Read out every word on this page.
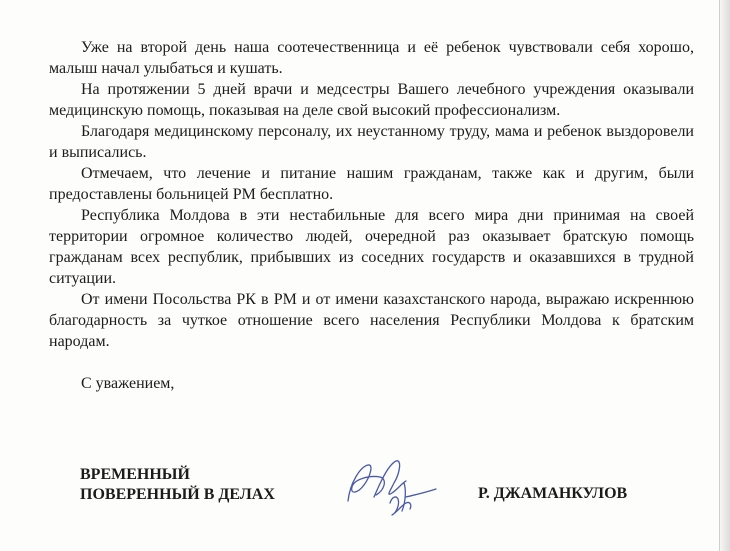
Уже на второй день наша соотечественница и её ребенок чувствовали себя хорошо, малыш начал улыбаться и кушать.

На протяжении 5 дней врачи и медсестры Вашего лечебного учреждения оказывали медицинскую помощь, показывая на деле свой высокий профессионализм.

Благодаря медицинскому персоналу, их неустанному труду, мама и ребенок выздоровели и выписались.

Отмечаем, что лечение и питание нашим гражданам, также как и другим, были предоставлены больницей РМ бесплатно.

Республика Молдова в эти нестабильные для всего мира дни принимая на своей территории огромное количество людей, очередной раз оказывает братскую помощь гражданам всех республик, прибывших из соседних государств и оказавшихся в трудной ситуации.

От имени Посольства РК в РМ и от имени казахстанского народа, выражаю искреннюю благодарность за чуткое отношение всего населения Республики Молдова к братским народам.

С уважением,

ВРЕМЕННЫЙ
ПОВЕРЕННЫЙ В ДЕЛАХ	Р. ДЖАМАНКУЛОВ
